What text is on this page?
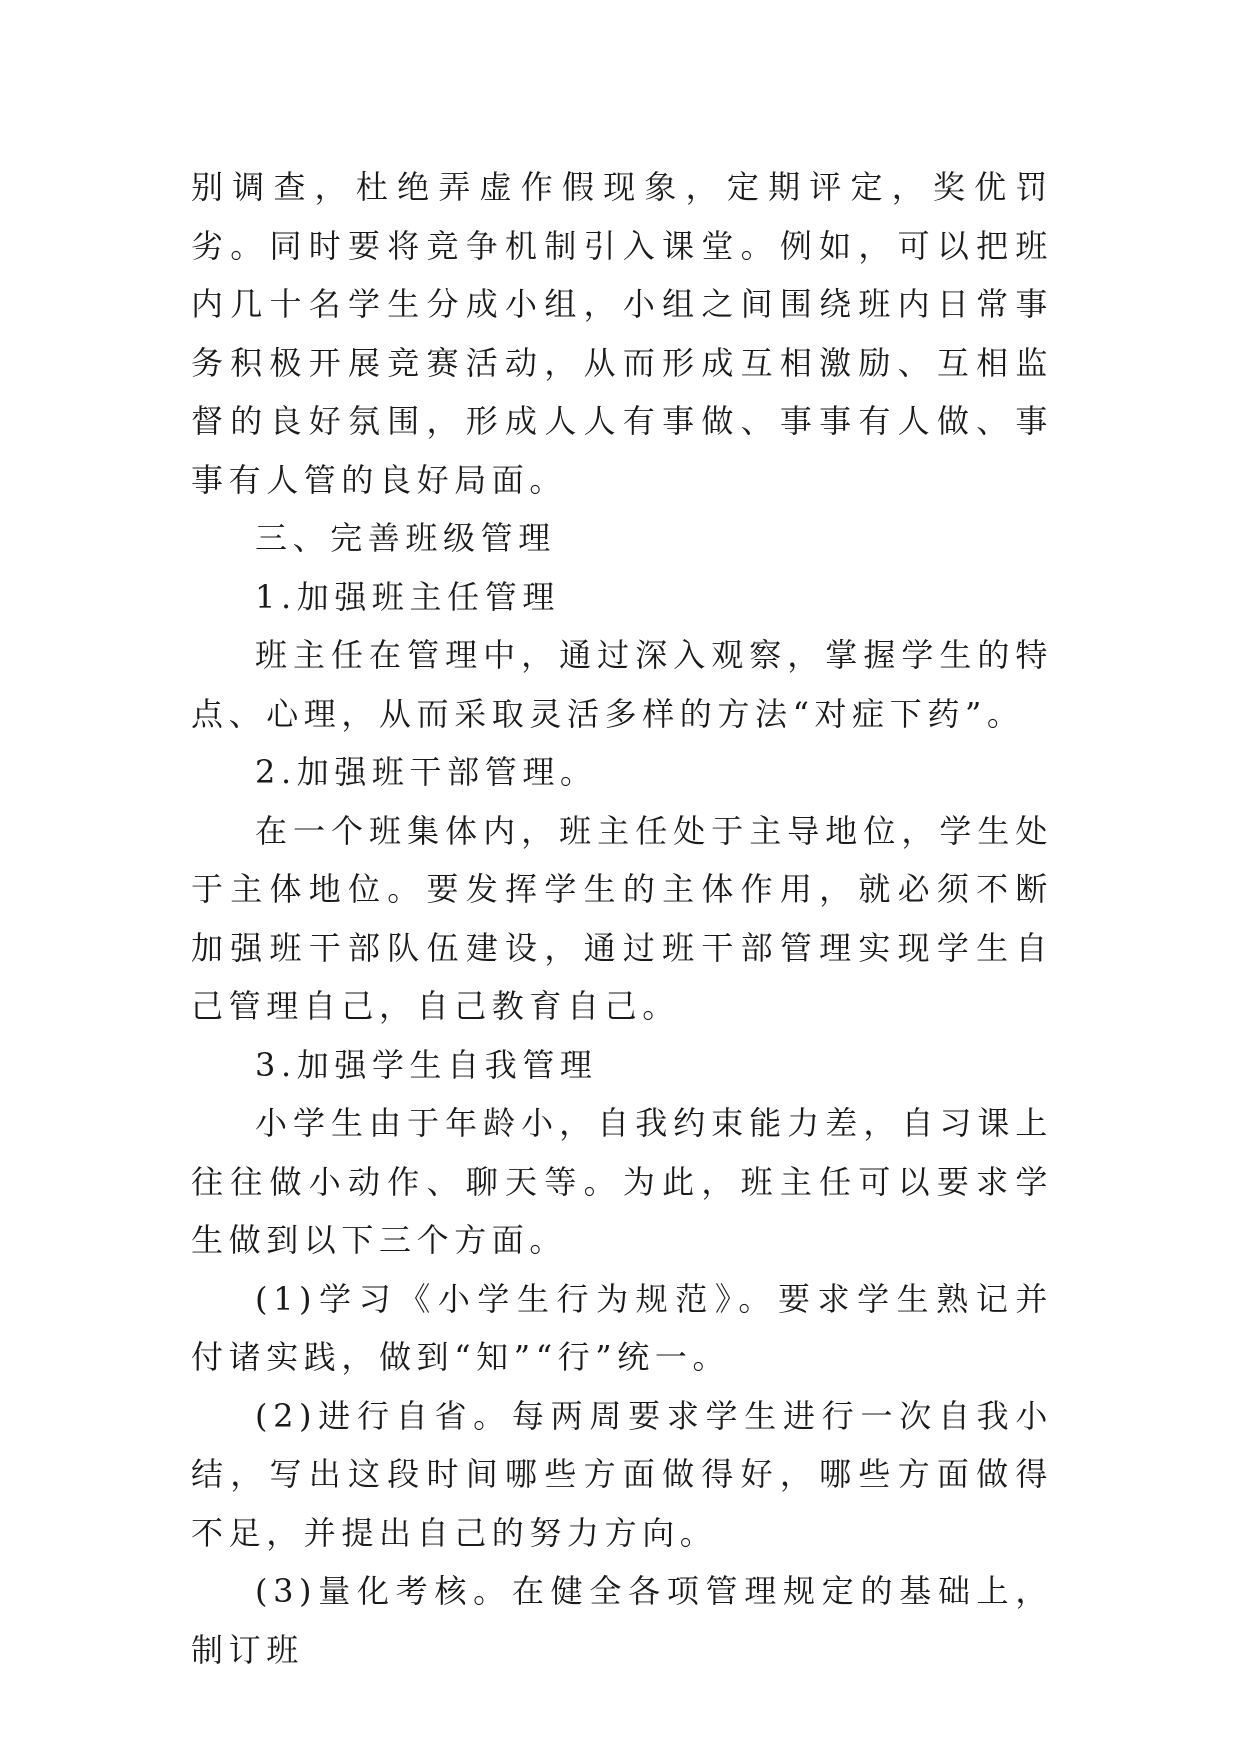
别调查，杜绝弄虚作假现象，定期评定，奖优罚劣。同时要将竞争机制引入课堂。例如，可以把班内几十名学生分成小组，小组之间围绕班内日常事务积极开展竞赛活动，从而形成互相激励、互相监督的良好氛围，形成人人有事做、事事有人做、事事有人管的良好局面。

三、完善班级管理

1.加强班主任管理

班主任在管理中，通过深入观察，掌握学生的特点、心理，从而采取灵活多样的方法“对症下药”。

2.加强班干部管理。

在一个班集体内，班主任处于主导地位，学生处于主体地位。要发挥学生的主体作用，就必须不断加强班干部队伍建设，通过班干部管理实现学生自己管理自己，自己教育自己。

3.加强学生自我管理

小学生由于年龄小，自我约束能力差，自习课上往往做小动作、聊天等。为此，班主任可以要求学生做到以下三个方面。

(1)学习《小学生行为规范》。要求学生熟记并付诸实践，做到“知”“行”统一。

(2)进行自省。每两周要求学生进行一次自我小结，写出这段时间哪些方面做得好，哪些方面做得不足，并提出自己的努力方向。

(3)量化考核。在健全各项管理规定的基础上，制订班
